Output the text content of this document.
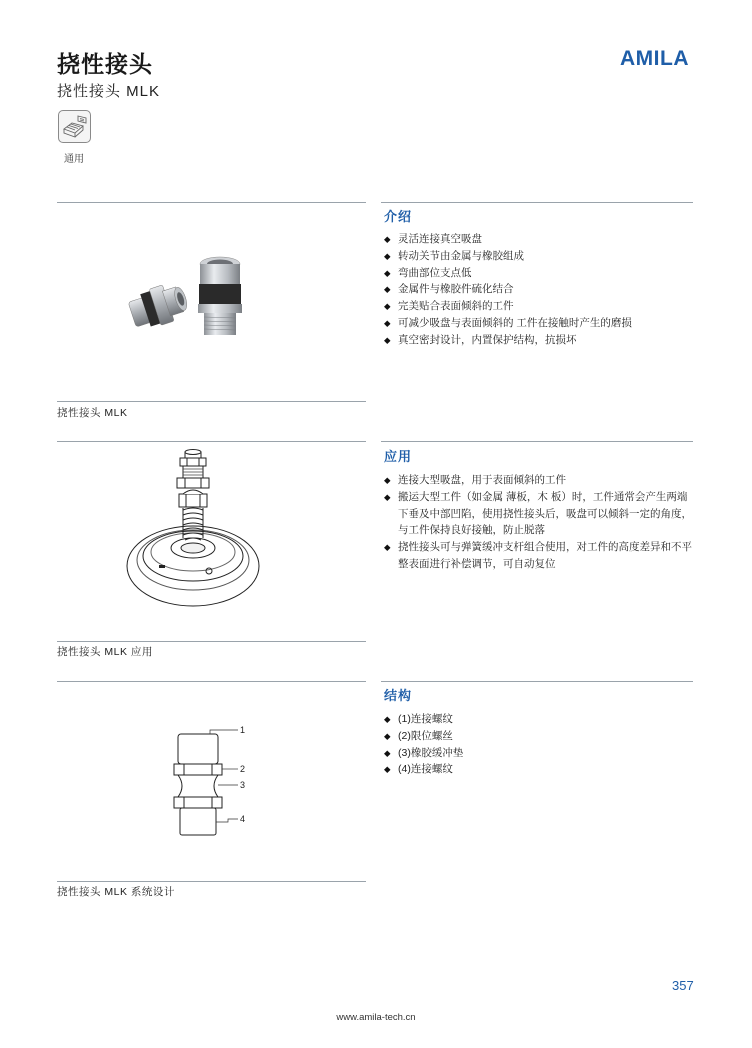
挠性接头
挠性接头 MLK
AMILA
通用
介绍
◆ 灵活连接真空吸盘
◆ 转动关节由金属与橡胶组成
◆ 弯曲部位支点低
◆ 金属件与橡胶件硫化结合
◆ 完美贴合表面倾斜的工件
◆ 可减少吸盘与表面倾斜的 工件在接触时产生的磨损
◆ 真空密封设计，内置保护结构，抗损坏
挠性接头 MLK
应用
◆ 连接大型吸盘，用于表面倾斜的工件
◆ 搬运大型工件（如金属 薄板，木 板）时，工件通常会产生两端下垂及中部凹陷，使用挠性接头后，吸盘可以倾斜一定的角度，与工件保持良好接触，防止脱落
◆ 挠性接头可与弹簧缓冲支杆组合使用，对工件的高度差异和不平整表面进行补偿调节，可自动复位
挠性接头 MLK 应用
结构
◆ (1)连接螺纹
◆ (2)限位螺丝
◆ (3)橡胶缓冲垫
◆ (4)连接螺纹
1
2
3
4
挠性接头 MLK 系统设计
357
www.amila-tech.cn
